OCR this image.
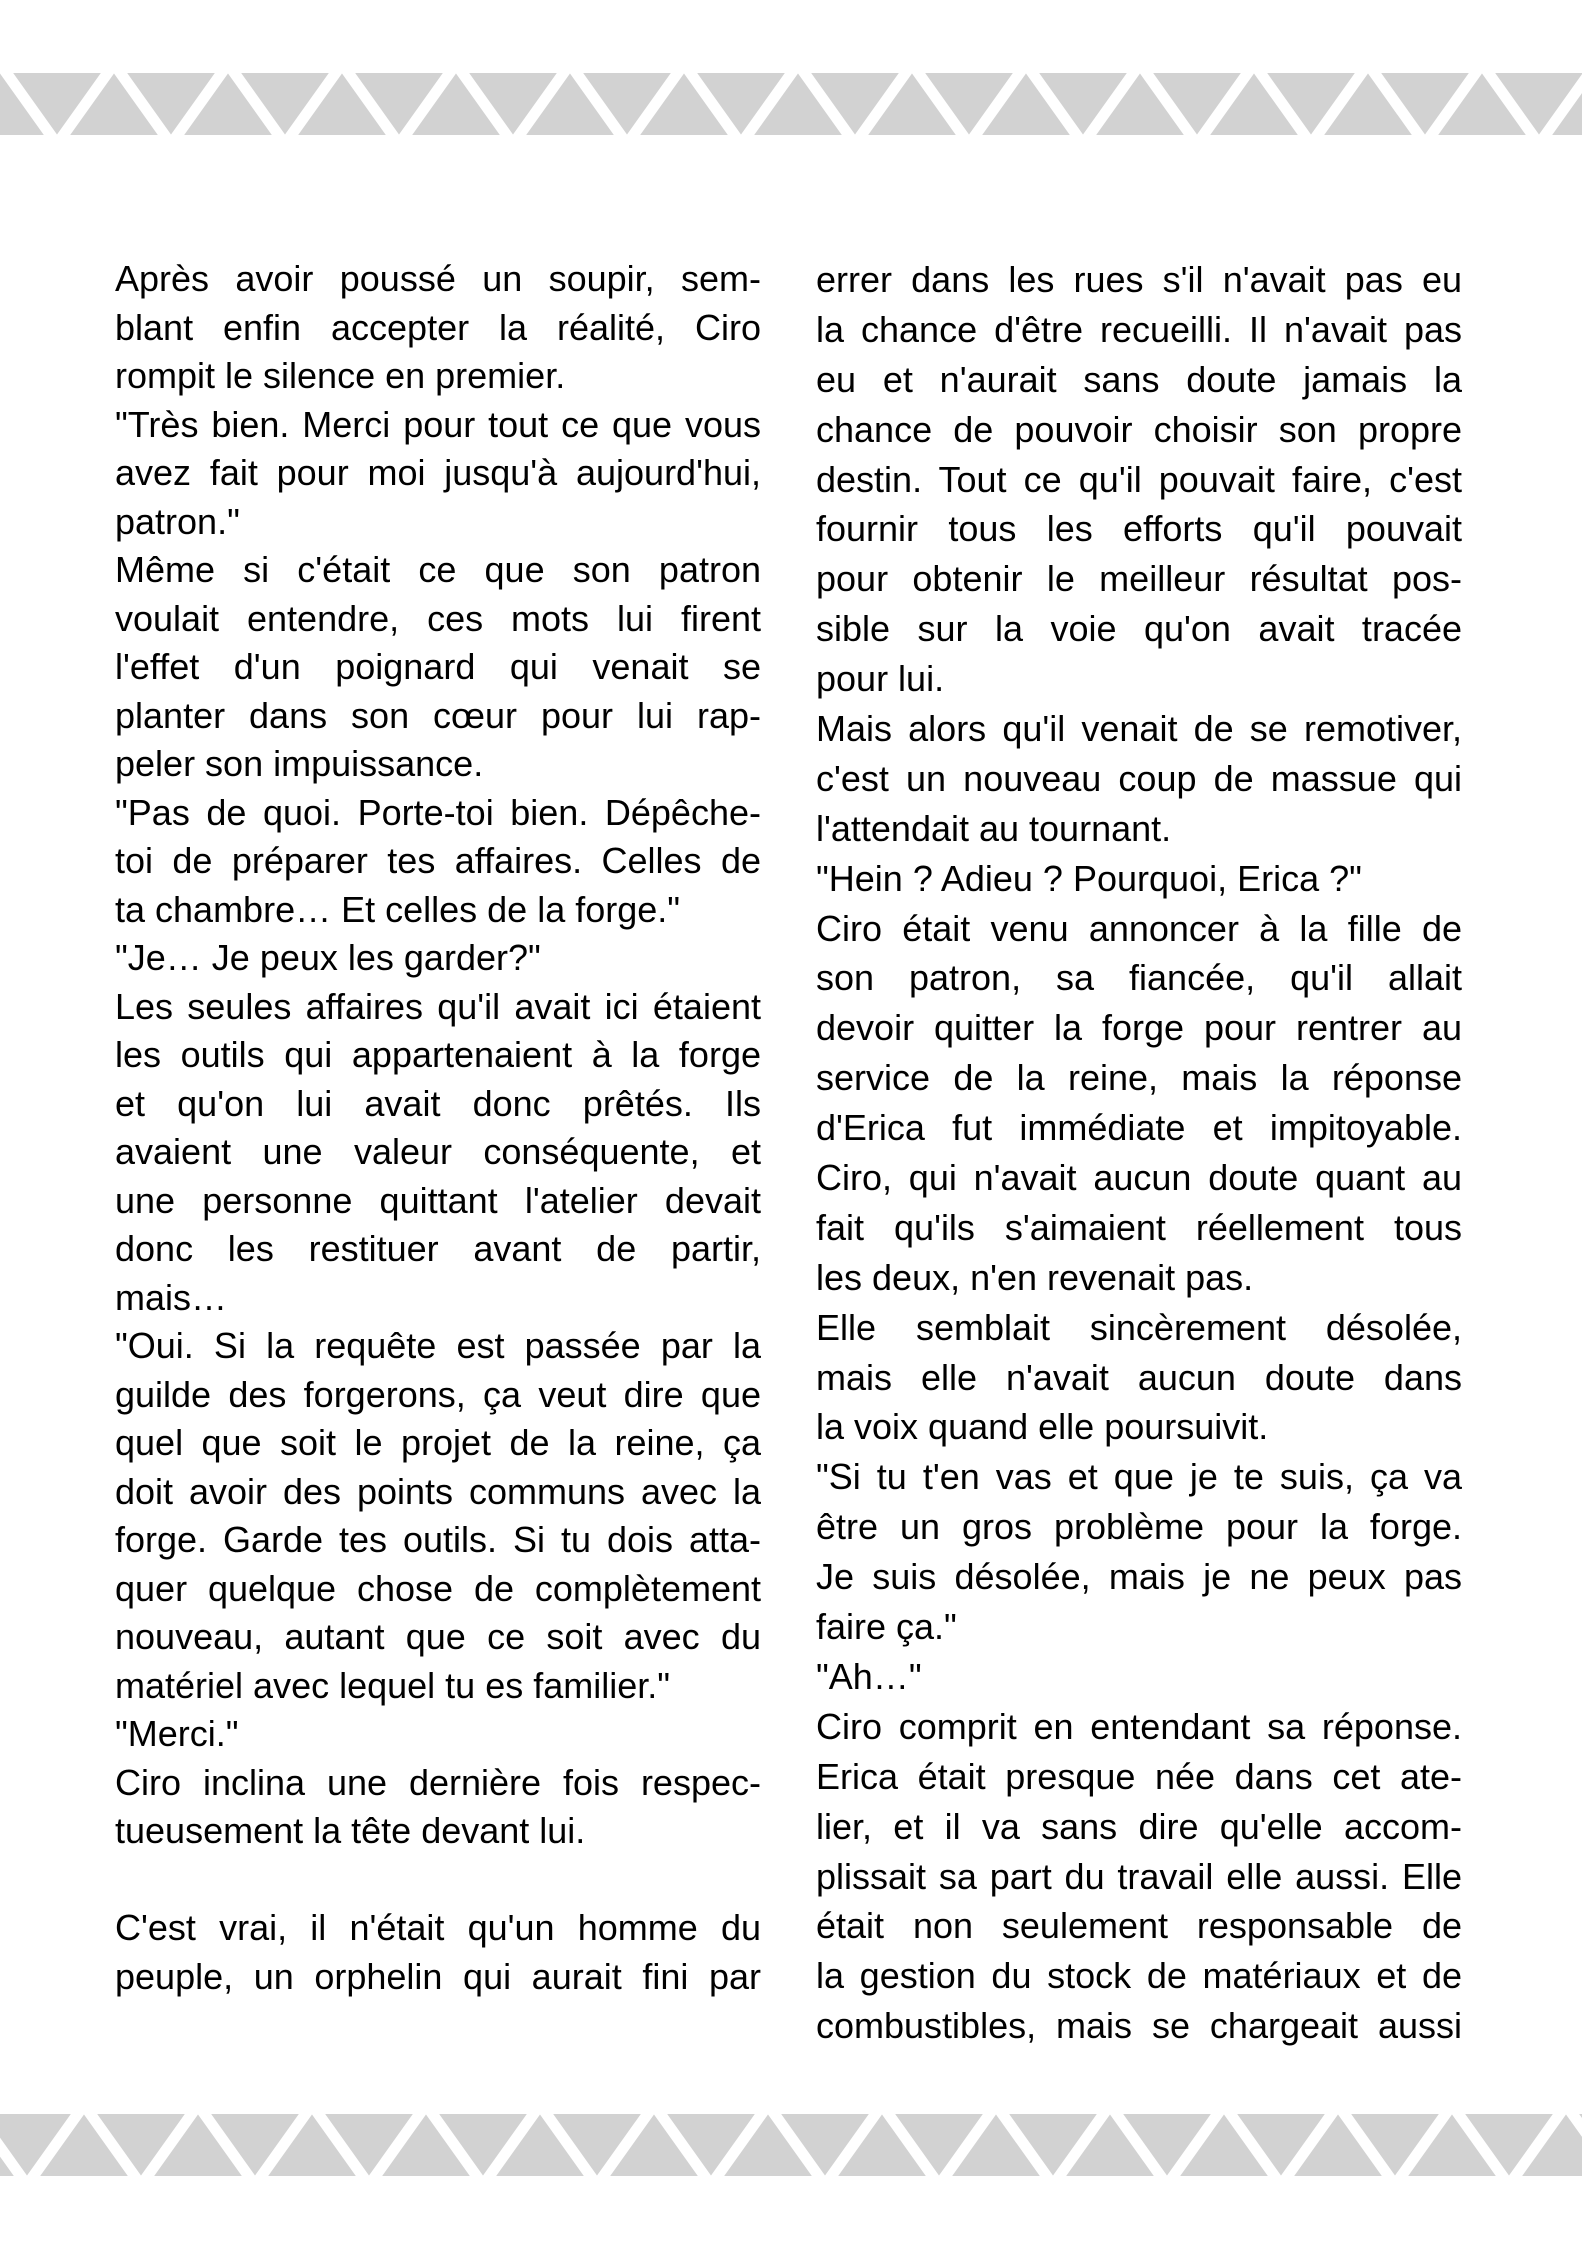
Après avoir poussé un soupir, sem-
blant enfin accepter la réalité, Ciro
rompit le silence en premier.
"Très bien. Merci pour tout ce que vous
avez fait pour moi jusqu'à aujourd'hui,
patron."
Même si c'était ce que son patron
voulait entendre, ces mots lui firent
l'effet d'un poignard qui venait se
planter dans son cœur pour lui rap-
peler son impuissance.
"Pas de quoi. Porte-toi bien. Dépêche-
toi de préparer tes affaires. Celles de
ta chambre… Et celles de la forge."
"Je… Je peux les garder?"
Les seules affaires qu'il avait ici étaient
les outils qui appartenaient à la forge
et qu'on lui avait donc prêtés. Ils
avaient une valeur conséquente, et
une personne quittant l'atelier devait
donc les restituer avant de partir,
mais…
"Oui. Si la requête est passée par la
guilde des forgerons, ça veut dire que
quel que soit le projet de la reine, ça
doit avoir des points communs avec la
forge. Garde tes outils. Si tu dois atta-
quer quelque chose de complètement
nouveau, autant que ce soit avec du
matériel avec lequel tu es familier."
"Merci."
Ciro inclina une dernière fois respec-
tueusement la tête devant lui.
C'est vrai, il n'était qu'un homme du
peuple, un orphelin qui aurait fini par
errer dans les rues s'il n'avait pas eu
la chance d'être recueilli. Il n'avait pas
eu et n'aurait sans doute jamais la
chance de pouvoir choisir son propre
destin. Tout ce qu'il pouvait faire, c'est
fournir tous les efforts qu'il pouvait
pour obtenir le meilleur résultat pos-
sible sur la voie qu'on avait tracée
pour lui.
Mais alors qu'il venait de se remotiver,
c'est un nouveau coup de massue qui
l'attendait au tournant.
"Hein ? Adieu ? Pourquoi, Erica ?"
Ciro était venu annoncer à la fille de
son patron, sa fiancée, qu'il allait
devoir quitter la forge pour rentrer au
service de la reine, mais la réponse
d'Erica fut immédiate et impitoyable.
Ciro, qui n'avait aucun doute quant au
fait qu'ils s'aimaient réellement tous
les deux, n'en revenait pas.
Elle semblait sincèrement désolée,
mais elle n'avait aucun doute dans
la voix quand elle poursuivit.
"Si tu t'en vas et que je te suis, ça va
être un gros problème pour la forge.
Je suis désolée, mais je ne peux pas
faire ça."
"Ah…"
Ciro comprit en entendant sa réponse.
Erica était presque née dans cet ate-
lier, et il va sans dire qu'elle accom-
plissait sa part du travail elle aussi. Elle
était non seulement responsable de
la gestion du stock de matériaux et de
combustibles, mais se chargeait aussi
